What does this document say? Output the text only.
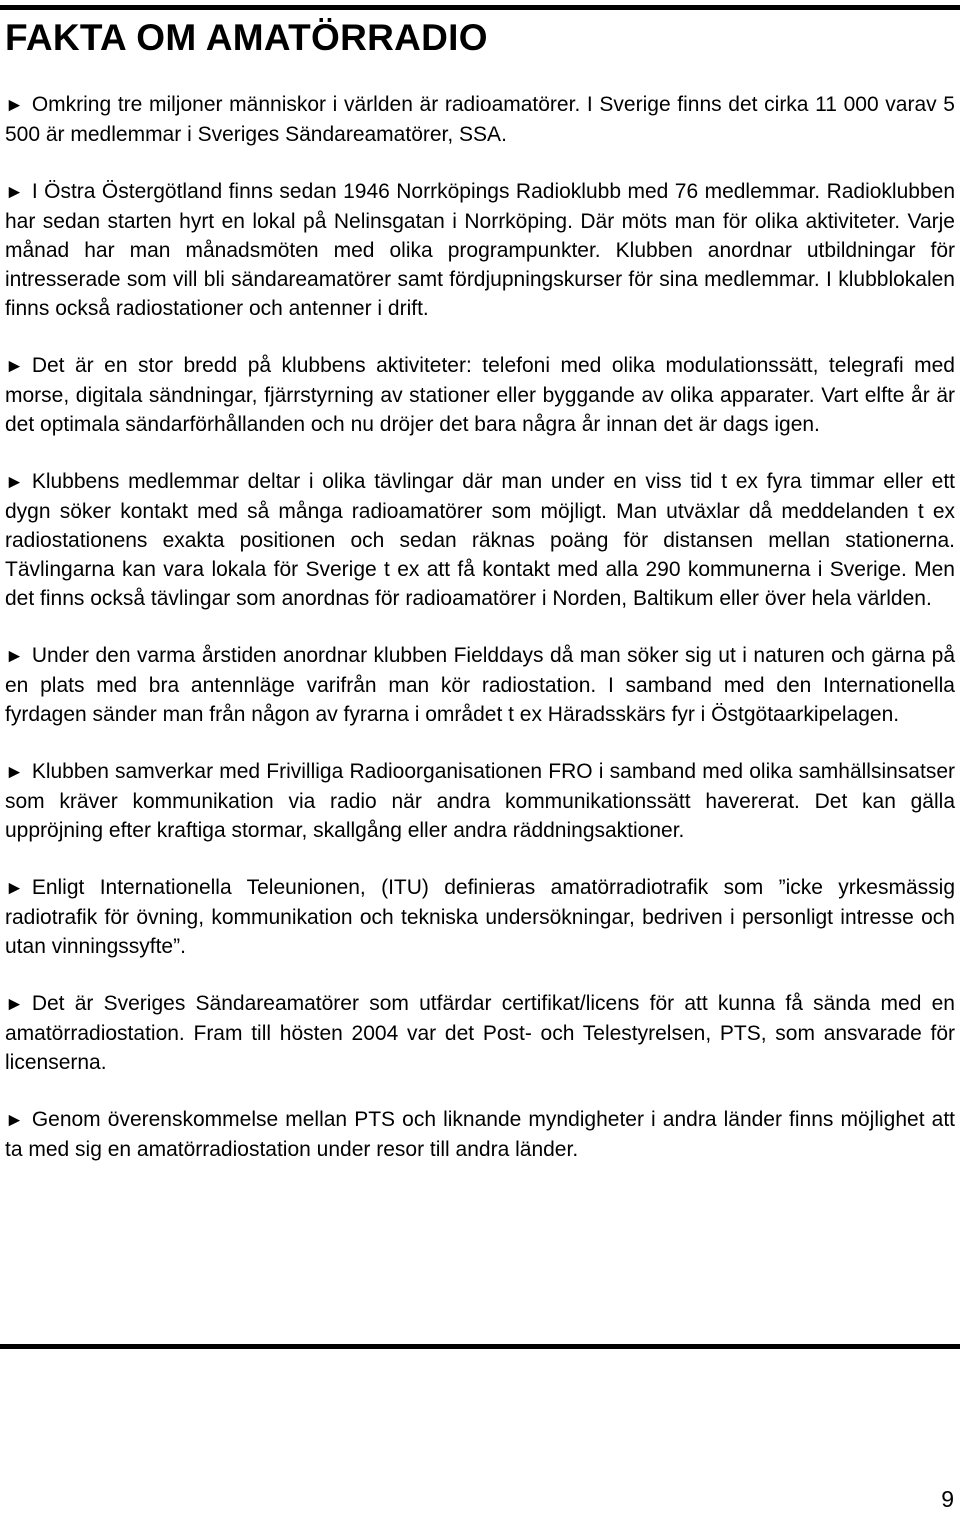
FAKTA OM AMATÖRRADIO

► Omkring tre miljoner människor i världen är radioamatörer. I Sverige finns det cirka 11 000 varav 5 500 är medlemmar i Sveriges Sändareamatörer, SSA.

► I Östra Östergötland finns sedan 1946 Norrköpings Radioklubb med 76 medlemmar. Radioklubben har sedan starten hyrt en lokal på Nelinsgatan i Norrköping. Där möts man för olika aktiviteter. Varje månad har man månadsmöten med olika programpunkter. Klubben anordnar utbildningar för intresserade som vill bli sändareamatörer samt fördjupningskurser för sina medlemmar. I klubblokalen finns också radiostationer och antenner i drift.

► Det är en stor bredd på klubbens aktiviteter: telefoni med olika modulationssätt, telegrafi med morse, digitala sändningar, fjärrstyrning av stationer eller byggande av olika apparater. Vart elfte år är det optimala sändarförhållanden och nu dröjer det bara några år innan det är dags igen.

► Klubbens medlemmar deltar i olika tävlingar där man under en viss tid t ex fyra timmar eller ett dygn söker kontakt med så många radioamatörer som möjligt. Man utväxlar då meddelanden t ex radiostationens exakta positionen och sedan räknas poäng för distansen mellan stationerna. Tävlingarna kan vara lokala för Sverige t ex att få kontakt med alla 290 kommunerna i Sverige. Men det finns också tävlingar som anordnas för radioamatörer i Norden, Baltikum eller över hela världen.

► Under den varma årstiden anordnar klubben Fielddays då man söker sig ut i naturen och gärna på en plats med bra antennläge varifrån man kör radiostation. I samband med den Internationella fyrdagen sänder man från någon av fyrarna i området t ex Häradsskärs fyr i Östgötaarkipelagen.

► Klubben samverkar med Frivilliga Radioorganisationen FRO i samband med olika samhällsinsatser som kräver kommunikation via radio när andra kommunikationssätt havererat. Det kan gälla uppröjning efter kraftiga stormar, skallgång eller andra räddningsaktioner.

► Enligt Internationella Teleunionen, (ITU) definieras amatörradiotrafik som ”icke yrkesmässig radiotrafik för övning, kommunikation och tekniska undersökningar, bedriven i personligt intresse och utan vinningssyfte”.

► Det är Sveriges Sändareamatörer som utfärdar certifikat/licens för att kunna få sända med en amatörradiostation. Fram till hösten 2004 var det Post- och Telestyrelsen, PTS, som ansvarade för licenserna.

► Genom överenskommelse mellan PTS och liknande myndigheter i andra länder finns möjlighet att ta med sig en amatörradiostation under resor till andra länder.

9
